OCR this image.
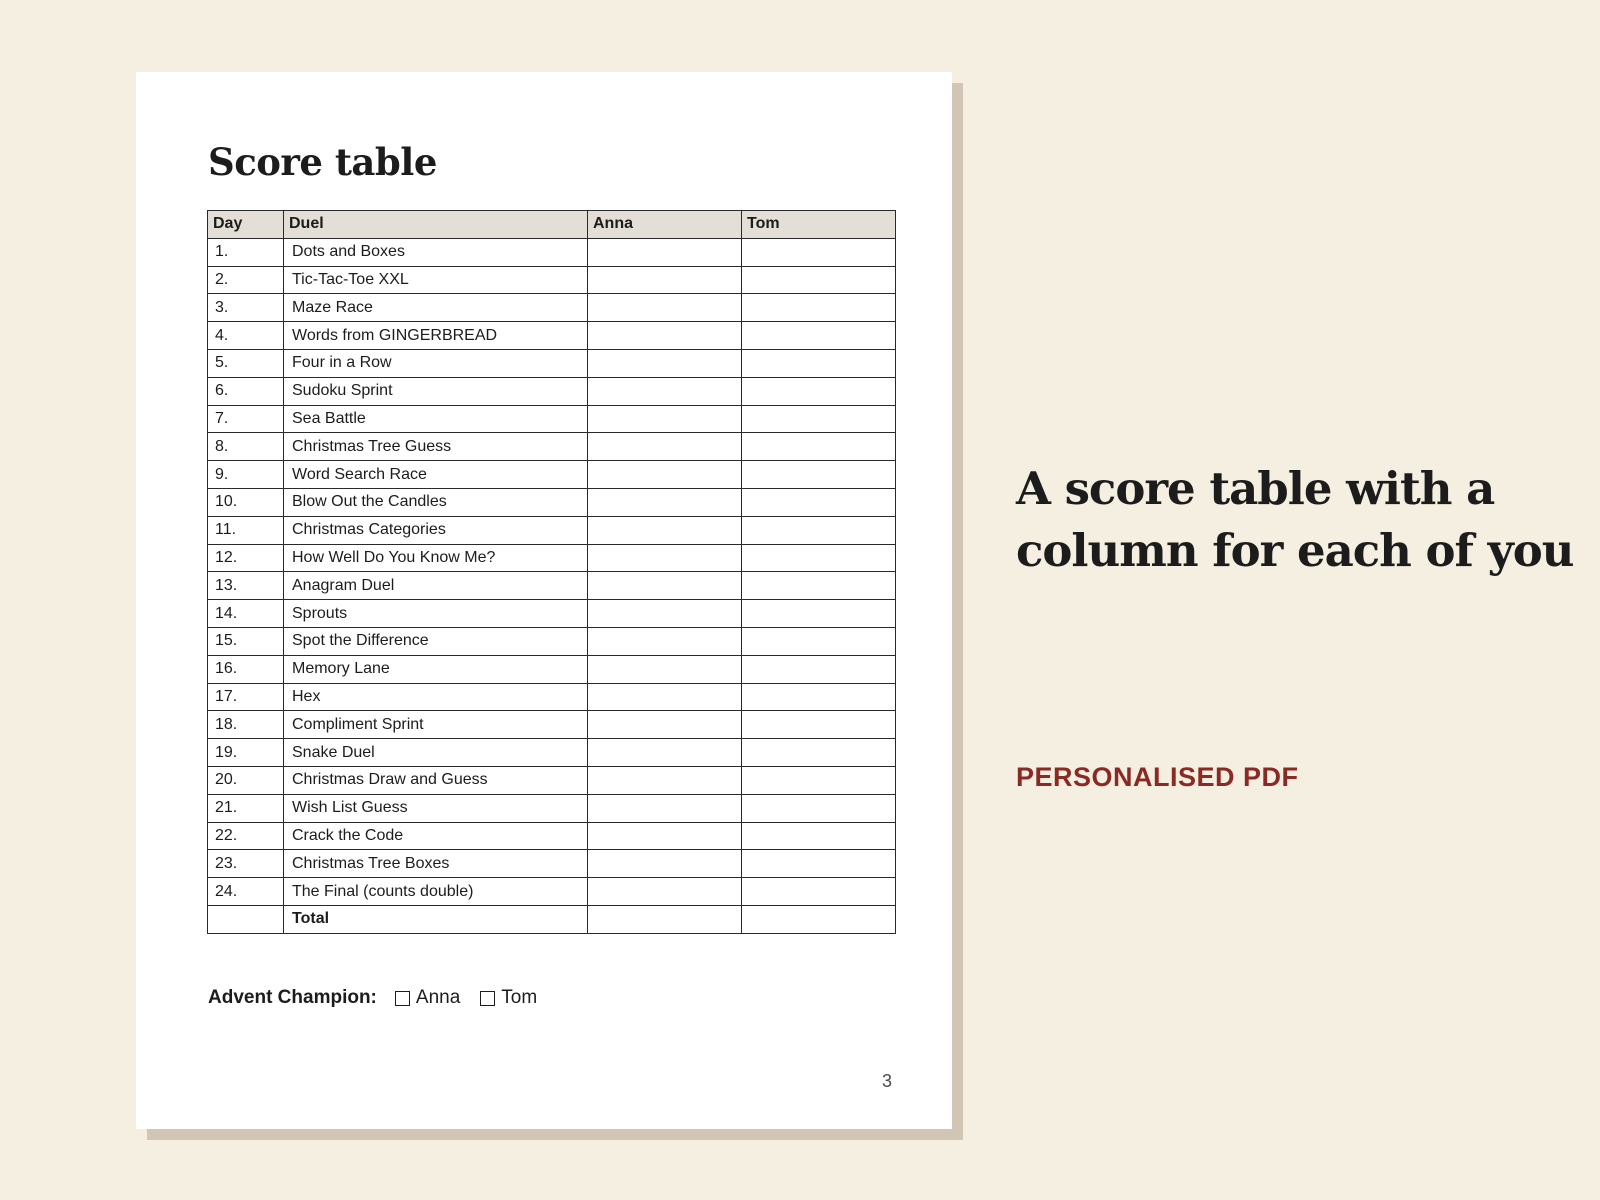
Score table
Day	Duel	Anna	Tom
1.	Dots and Boxes		
2.	Tic-Tac-Toe XXL		
3.	Maze Race		
4.	Words from GINGERBREAD		
5.	Four in a Row		
6.	Sudoku Sprint		
7.	Sea Battle		
8.	Christmas Tree Guess		
9.	Word Search Race		
10.	Blow Out the Candles		
11.	Christmas Categories		
12.	How Well Do You Know Me?		
13.	Anagram Duel		
14.	Sprouts		
15.	Spot the Difference		
16.	Memory Lane		
17.	Hex		
18.	Compliment Sprint		
19.	Snake Duel		
20.	Christmas Draw and Guess		
21.	Wish List Guess		
22.	Crack the Code		
23.	Christmas Tree Boxes		
24.	The Final (counts double)		
	Total		
Advent Champion: Anna Tom
3
A score table with a
column for each of you
PERSONALISED PDF
